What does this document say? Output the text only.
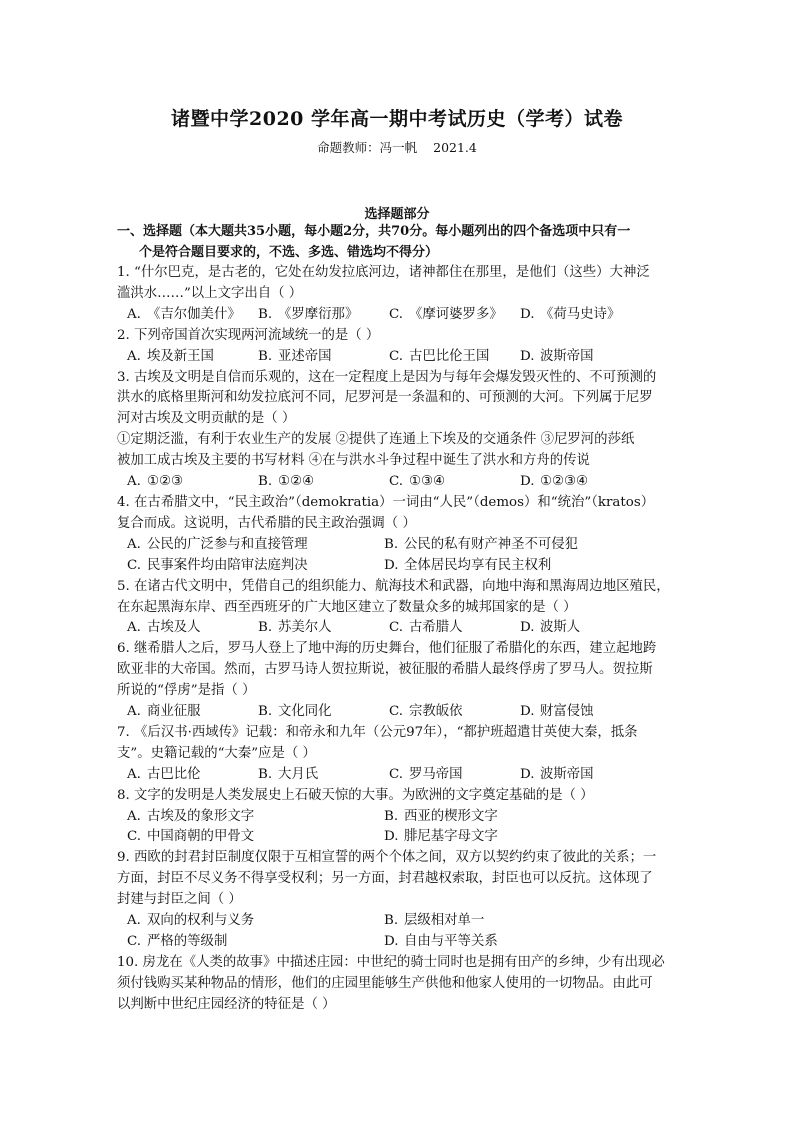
诸暨中学2020 学年高一期中考试历史（学考）试卷
命题教师：冯一帆 2021.4
选择题部分
一、选择题（本大题共35小题，每小题2分，共70分。每小题列出的四个备选项中只有一
个是符合题目要求的，不选、多选、错选均不得分）
1. “什尔巴克，是古老的，它处在幼发拉底河边，诸神都住在那里，是他们（这些）大神泛
滥洪水……”以上文字出自（ ）
A. 《吉尔伽美什》	B. 《罗摩衍那》	C. 《摩诃婆罗多》	D. 《荷马史诗》
2. 下列帝国首次实现两河流域统一的是（ ）
A. 埃及新王国	B. 亚述帝国	C. 古巴比伦王国	D. 波斯帝国
3. 古埃及文明是自信而乐观的，这在一定程度上是因为与每年会爆发毁灭性的、不可预测的
洪水的底格里斯河和幼发拉底河不同，尼罗河是一条温和的、可预测的大河。下列属于尼罗
河对古埃及文明贡献的是（ ）
①定期泛滥，有利于农业生产的发展 ②提供了连通上下埃及的交通条件 ③尼罗河的莎纸
被加工成古埃及主要的书写材料 ④在与洪水斗争过程中诞生了洪水和方舟的传说
A. ①②③	B. ①②④	C. ①③④	D. ①②③④
4. 在古希腊文中，“民主政治”（demokratia）一词由“人民”（demos）和“统治”（kratos）
复合而成。这说明，古代希腊的民主政治强调（ ）
A. 公民的广泛参与和直接管理	B. 公民的私有财产神圣不可侵犯
C. 民事案件均由陪审法庭判决	D. 全体居民均享有民主权利
5. 在诸古代文明中，凭借自己的组织能力、航海技术和武器，向地中海和黑海周边地区殖民，
在东起黑海东岸、西至西班牙的广大地区建立了数量众多的城邦国家的是（ ）
A. 古埃及人	B. 苏美尔人	C. 古希腊人	D. 波斯人
6. 继希腊人之后，罗马人登上了地中海的历史舞台，他们征服了希腊化的东西，建立起地跨
欧亚非的大帝国。然而，古罗马诗人贺拉斯说，被征服的希腊人最终俘虏了罗马人。贺拉斯
所说的“俘虏”是指（ ）
A. 商业征服	B. 文化同化	C. 宗教皈依	D. 财富侵蚀
7. 《后汉书·西域传》记载：和帝永和九年（公元97年），“都护班超遣甘英使大秦，抵条
支”。史籍记载的“大秦”应是（ ）
A. 古巴比伦	B. 大月氏	C. 罗马帝国	D. 波斯帝国
8. 文字的发明是人类发展史上石破天惊的大事。为欧洲的文字奠定基础的是（ ）
A. 古埃及的象形文字	B. 西亚的楔形文字
C. 中国商朝的甲骨文	D. 腓尼基字母文字
9. 西欧的封君封臣制度仅限于互相宣誓的两个个体之间，双方以契约约束了彼此的关系；一
方面，封臣不尽义务不得享受权利；另一方面，封君越权索取，封臣也可以反抗。这体现了
封建与封臣之间（ ）
A. 双向的权利与义务	B. 层级相对单一
C. 严格的等级制	D. 自由与平等关系
10. 房龙在《人类的故事》中描述庄园：中世纪的骑士同时也是拥有田产的乡绅，少有出现必
须付钱购买某种物品的情形，他们的庄园里能够生产供他和他家人使用的一切物品。由此可
以判断中世纪庄园经济的特征是（ ）
